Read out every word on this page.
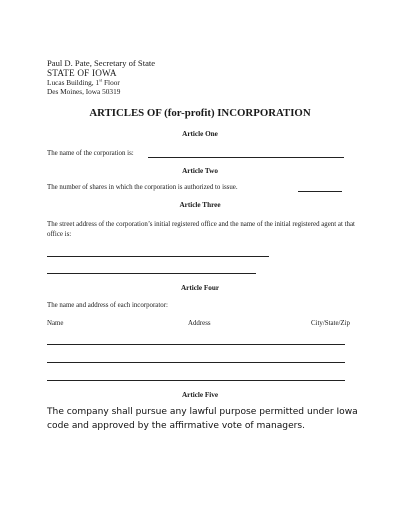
Paul D. Pate, Secretary of State
STATE OF IOWA
Lucas Building, 1st Floor
Des Moines, Iowa 50319
ARTICLES OF (for-profit) INCORPORATION
Article One
The name of the corporation is:
Article Two
The number of shares in which the corporation is authorized to issue.
Article Three
The street address of the corporation’s initial registered office and the name of the initial registered agent at that office is:
Article Four
The name and address of each incorporator:
Name	Address	City/State/Zip
Article Five
The company shall pursue any lawful purpose permitted under Iowa code and approved by the affirmative vote of managers.
